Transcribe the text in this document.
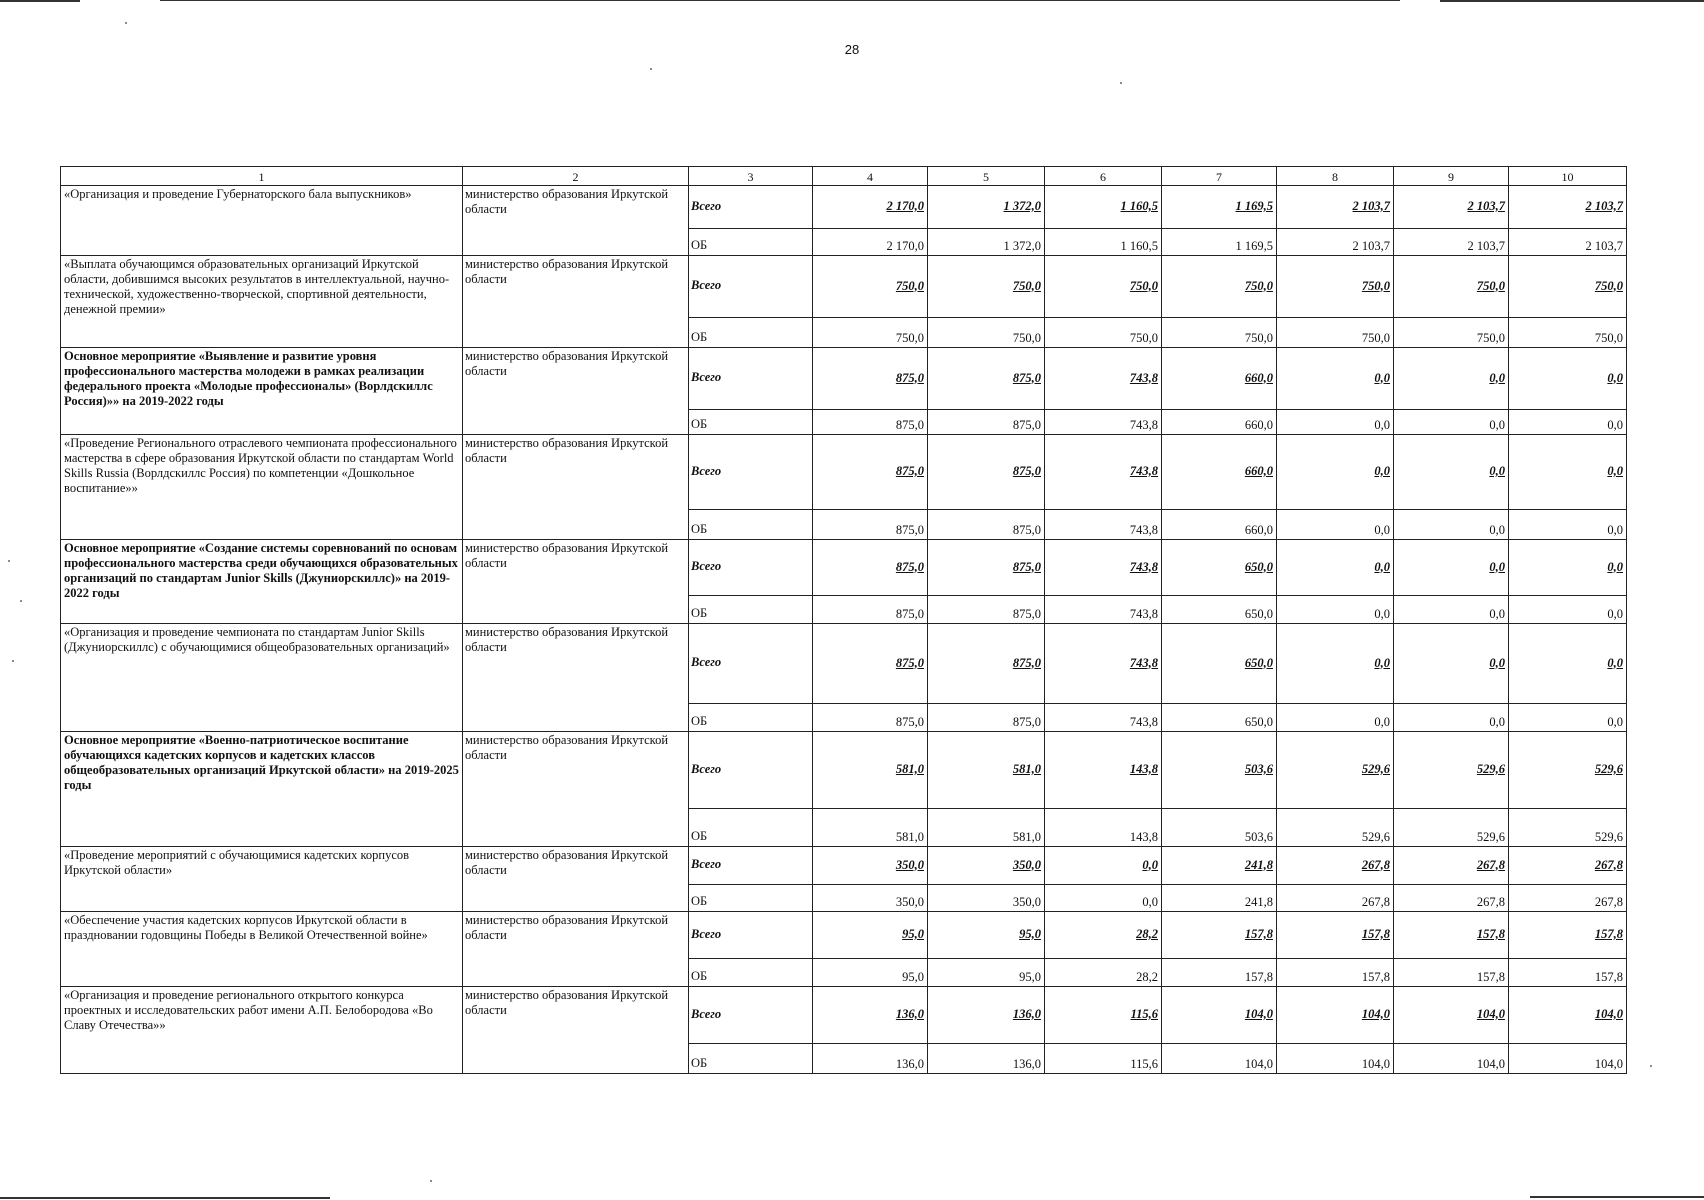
28
1	2	3	4	5	6	7	8	9	10
«Организация и проведение Губернаторского бала выпускников»	министерство образования Иркутской области	Всего	2 170,0	1 372,0	1 160,5	1 169,5	2 103,7	2 103,7	2 103,7
		ОБ	2 170,0	1 372,0	1 160,5	1 169,5	2 103,7	2 103,7	2 103,7
«Выплата обучающимся образовательных организаций Иркутской области, добившимся высоких результатов в интеллектуальной, научно-технической, художественно-творческой, спортивной деятельности, денежной премии»	министерство образования Иркутской области	Всего	750,0	750,0	750,0	750,0	750,0	750,0	750,0
		ОБ	750,0	750,0	750,0	750,0	750,0	750,0	750,0
Основное мероприятие «Выявление и развитие уровня профессионального мастерства молодежи в рамках реализации федерального проекта «Молодые профессионалы» (Ворлдскиллс Россия)»» на 2019-2022 годы	министерство образования Иркутской области	Всего	875,0	875,0	743,8	660,0	0,0	0,0	0,0
		ОБ	875,0	875,0	743,8	660,0	0,0	0,0	0,0
«Проведение Регионального отраслевого чемпионата профессионального мастерства в сфере образования Иркутской области по стандартам World Skills Russia (Ворлдскиллс Россия) по компетенции «Дошкольное воспитание»»	министерство образования Иркутской области	Всего	875,0	875,0	743,8	660,0	0,0	0,0	0,0
		ОБ	875,0	875,0	743,8	660,0	0,0	0,0	0,0
Основное мероприятие «Создание системы соревнований по основам профессионального мастерства среди обучающихся образовательных организаций по стандартам Junior Skills (Джуниорскиллс)» на 2019-2022 годы	министерство образования Иркутской области	Всего	875,0	875,0	743,8	650,0	0,0	0,0	0,0
		ОБ	875,0	875,0	743,8	650,0	0,0	0,0	0,0
«Организация и проведение чемпионата по стандартам Junior Skills (Джуниорскиллс) с обучающимися общеобразовательных организаций»	министерство образования Иркутской области	Всего	875,0	875,0	743,8	650,0	0,0	0,0	0,0
		ОБ	875,0	875,0	743,8	650,0	0,0	0,0	0,0
Основное мероприятие «Военно-патриотическое воспитание обучающихся кадетских корпусов и кадетских классов общеобразовательных организаций Иркутской области» на 2019-2025 годы	министерство образования Иркутской области	Всего	581,0	581,0	143,8	503,6	529,6	529,6	529,6
		ОБ	581,0	581,0	143,8	503,6	529,6	529,6	529,6
«Проведение мероприятий с обучающимися кадетских корпусов Иркутской области»	министерство образования Иркутской области	Всего	350,0	350,0	0,0	241,8	267,8	267,8	267,8
		ОБ	350,0	350,0	0,0	241,8	267,8	267,8	267,8
«Обеспечение участия кадетских корпусов Иркутской области в праздновании годовщины Победы в Великой Отечественной войне»	министерство образования Иркутской области	Всего	95,0	95,0	28,2	157,8	157,8	157,8	157,8
		ОБ	95,0	95,0	28,2	157,8	157,8	157,8	157,8
«Организация и проведение регионального открытого конкурса проектных и исследовательских работ имени А.П. Белобородова «Во Славу Отечества»»	министерство образования Иркутской области	Всего	136,0	136,0	115,6	104,0	104,0	104,0	104,0
		ОБ	136,0	136,0	115,6	104,0	104,0	104,0	104,0
